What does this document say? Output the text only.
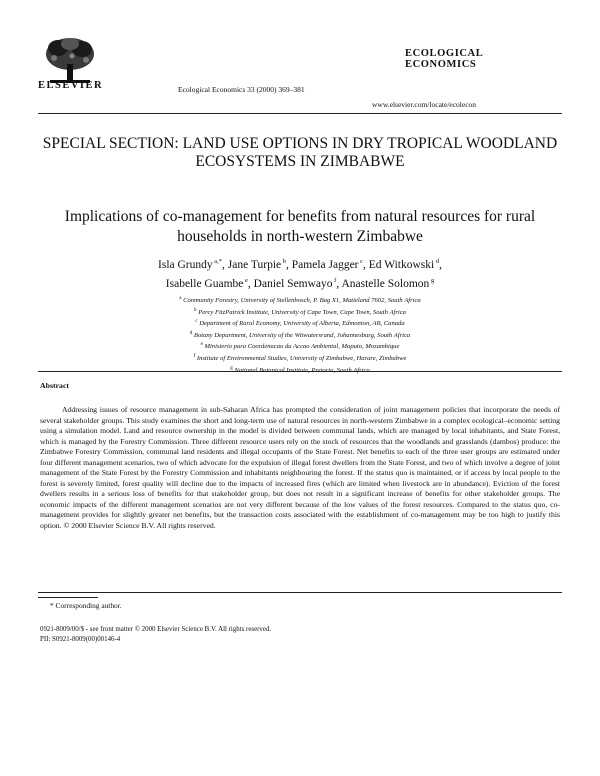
ELSEVIER	Ecological Economics 33 (2000) 369–381
ECOLOGICAL
ECONOMICS
www.elsevier.com/locate/ecolecon
SPECIAL SECTION: LAND USE OPTIONS IN DRY TROPICAL WOODLAND ECOSYSTEMS IN ZIMBABWE
Implications of co-management for benefits from natural resources for rural households in north-western Zimbabwe
Isla Grundy $^{a,*}$, Jane Turpie $^b$, Pamela Jagger $^c$, Ed Witkowski $^d$,
Isabelle Guambe $^e$, Daniel Semwayo $^f$, Anastelle Solomon $^g$
$^a$ Community Forestry, University of Stellenbosch, P. Bag X1, Matieland 7602, South Africa
$^b$ Percy FitzPatrick Institute, University of Cape Town, Cape Town, South Africa
$^c$ Department of Rural Economy, University of Alberta, Edmonton, AB, Canada
$^d$ Botany Department, University of the Witwatersrand, Johannesburg, South Africa
$^e$ Ministerio para Coordenacao da Accao Ambiental, Maputo, Mozambique
$^f$ Institute of Environmental Studies, University of Zimbabwe, Harare, Zimbabwe
$^g$ National Botanical Institute, Pretoria, South Africa
Abstract
Addressing issues of resource management in sub-Saharan Africa has prompted the consideration of joint management policies that incorporate the needs of several stakeholder groups. This study examines the short and long-term use of natural resources in north-western Zimbabwe in a complex ecological–economic setting using a simulation model. Land and resource ownership in the model is divided between communal lands, which are managed by local inhabitants, and State Forest, which is managed by the Forestry Commission. Three different resource users rely on the stock of resources that the woodlands and grasslands (dambos) produce: the Zimbabwe Forestry Commission, communal land residents and illegal occupants of the State Forest. Net benefits to each of the three user groups are estimated under four different management scenarios, two of which advocate for the expulsion of illegal forest dwellers from the State Forest, and two of which involve a degree of joint management of the State Forest by the Forestry Commission and inhabitants neighbouring the forest. If the status quo is maintained, or if access by local people to the forest is severely limited, forest quality will decline due to the impacts of increased fires (which are limited when livestock are in abundance). Eviction of the forest dwellers results in a serious loss of benefits for that stakeholder group, but does not result in a significant increase of benefits for other stakeholder groups. The economic impacts of the different management scenarios are not very different because of the low values of the forest resources. Compared to the status quo, co-management provides for slightly greater net benefits, but the transaction costs associated with the establishment of co-management may be too high to justify this option. © 2000 Elsevier Science B.V. All rights reserved.
* Corresponding author.
0921-8009/00/$ - see front matter © 2000 Elsevier Science B.V. All rights reserved.
PII: S0921-8009(00)00146-4
